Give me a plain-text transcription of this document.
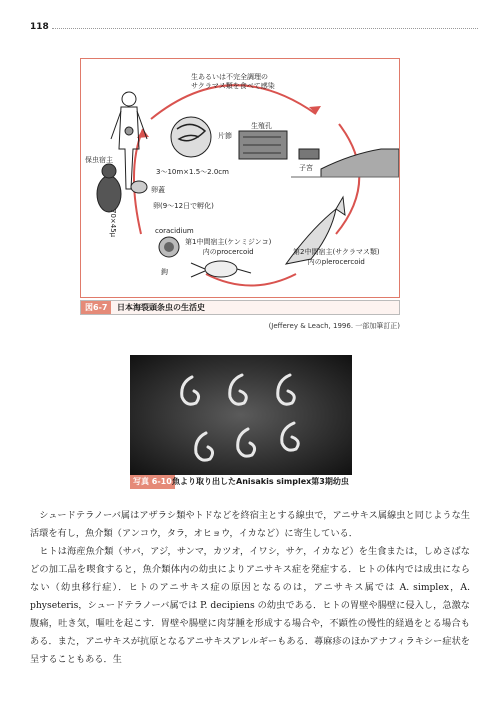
118
生あるいは不完全調理の
サクラマス類を食べて感染
片節
生殖孔
3〜10m×1.5〜2.0cm	子宮
保虫宿主
卵蓋
卵(9〜12日で孵化)
70×45μ	coracidium
第1中間宿主(ケンミジンコ)
内のprocercoid
鉤
第2中間宿主(サクラマス類)
内のplerocercoid
図6-7	日本海裂頭条虫の生活史
(Jefferey & Leach, 1996. 一部加筆訂正)
写真 6-10 魚より取り出したAnisakis simplex第3期幼虫

シュードテラノーバ属はアザラシ類やトドなどを終宿主とする線虫で，アニサキス属線虫と同じような生活環を有し，魚介類（アンコウ，タラ，オヒョウ，イカなど）に寄生している．

ヒトは海産魚介類（サバ，アジ，サンマ，カツオ，イワシ，サケ，イカなど）を生食または，しめさばなどの加工品を喫食すると，魚介類体内の幼虫によりアニサキス症を発症する．ヒトの体内では成虫にならない（幼虫移行症）．ヒトのアニサキス症の原因となるのは，アニサキス属では A. simplex，A. physeteris，シュードテラノーバ属では P. decipiens の幼虫である．ヒトの胃壁や腸壁に侵入し，急激な腹痛，吐き気，嘔吐を起こす．胃壁や腸壁に肉芽腫を形成する場合や，不顕性の慢性的経過をとる場合もある．また，アニサキスが抗原となるアニサキスアレルギーもある．蕁麻疹のほかアナフィラキシー症状を呈することもある．生
